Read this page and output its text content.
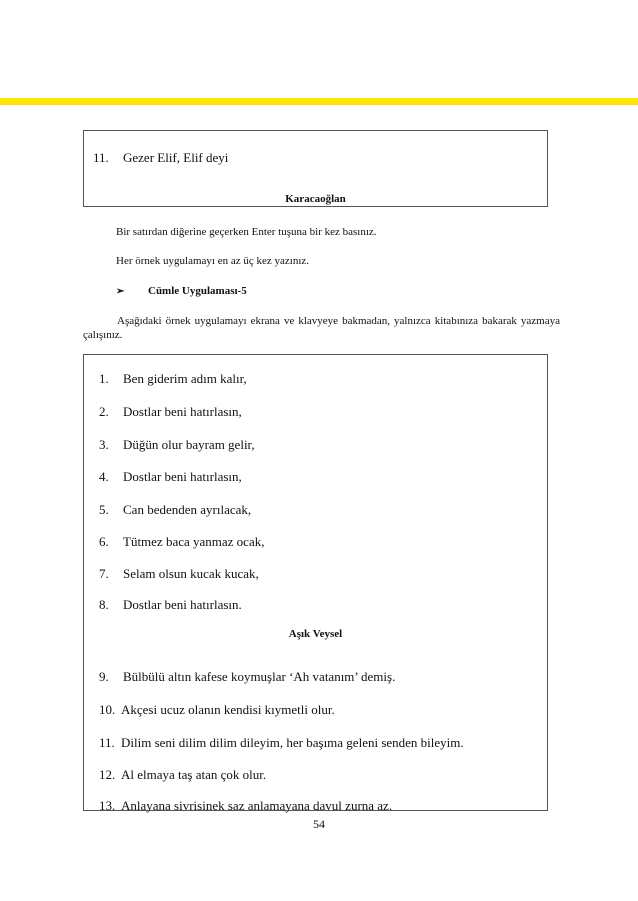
11. Gezer Elif, Elif deyi
Karacaoğlan
Bir satırdan diğerine geçerken Enter tuşuna bir kez basınız.
Her örnek uygulamayı en az üç kez yazınız.
➢ Cümle Uygulaması-5
Aşağıdaki örnek uygulamayı ekrana ve klavyeye bakmadan, yalnızca kitabınıza bakarak yazmaya çalışınız.
1. Ben giderim adım kalır,
2. Dostlar beni hatırlasın,
3. Düğün olur bayram gelir,
4. Dostlar beni hatırlasın,
5. Can bedenden ayrılacak,
6. Tütmez baca yanmaz ocak,
7. Selam olsun kucak kucak,
8. Dostlar beni hatırlasın.
Aşık Veysel
9. Bülbülü altın kafese koymuşlar ‘Ah vatanım’ demiş.
10. Akçesi ucuz olanın kendisi kıymetli olur.
11. Dilim seni dilim dilim dileyim, her başıma geleni senden bileyim.
12. Al elmaya taş atan çok olur.
13. Anlayana sivrisinek saz anlamayana davul zurna az.
54
